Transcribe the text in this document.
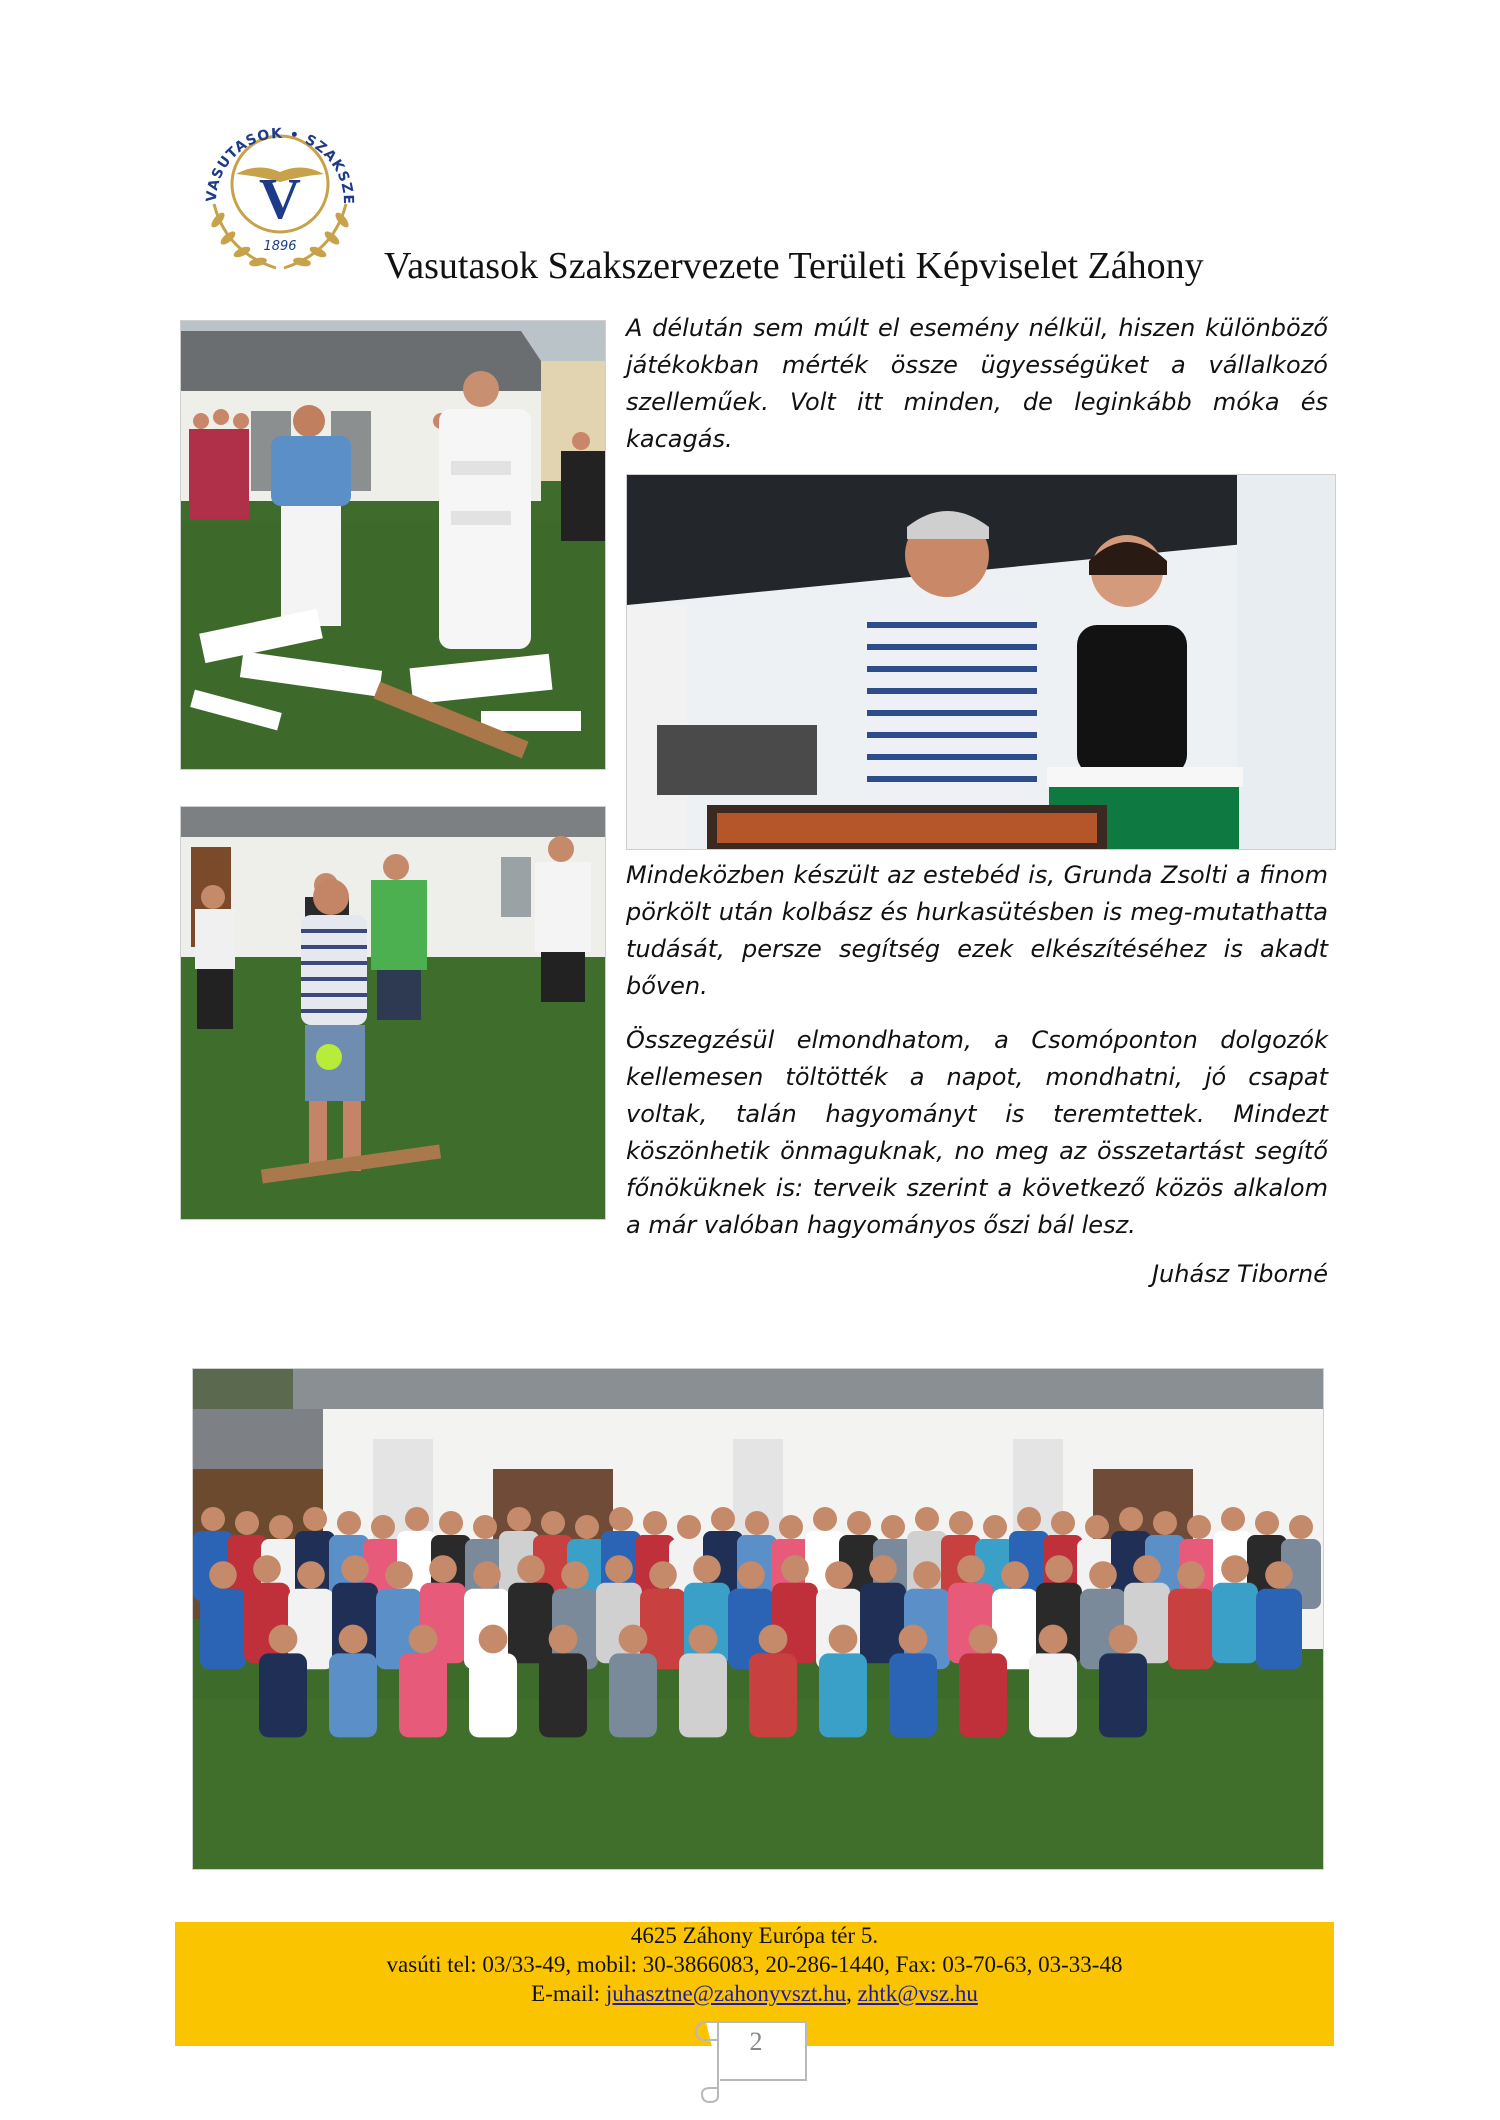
VASUTASOK • SZAKSZE
V
1896 Vasutasok Szakszervezete Területi Képviselet Záhony
A délután sem múlt el esemény nélkül, hiszen különböző játékokban mérték össze ügyességüket a vállalkozó szelleműek. Volt itt minden, de leginkább móka és kacagás.
Mindeközben készült az estebéd is, Grunda Zsolti a finom pörkölt után kolbász és hurkasütésben is meg-mutathatta tudását, persze segítség ezek elkészítéséhez is akadt bőven.
Összegzésül elmondhatom, a Csomóponton dolgozók kellemesen töltötték a napot, mondhatni, jó csapat voltak, talán hagyományt is teremtettek. Mindezt köszönhetik önmaguknak, no meg az összetartást segítő főnöküknek is: terveik szerint a következő közös alkalom a már valóban hagyományos őszi bál lesz.
Juhász Tiborné
4625 Záhony Európa tér 5.
vasúti tel: 03/33-49, mobil: 30-3866083, 20-286-1440, Fax: 03-70-63, 03-33-48
E-mail: juhasztne@zahonyvszt.hu, zhtk@vsz.hu
2
